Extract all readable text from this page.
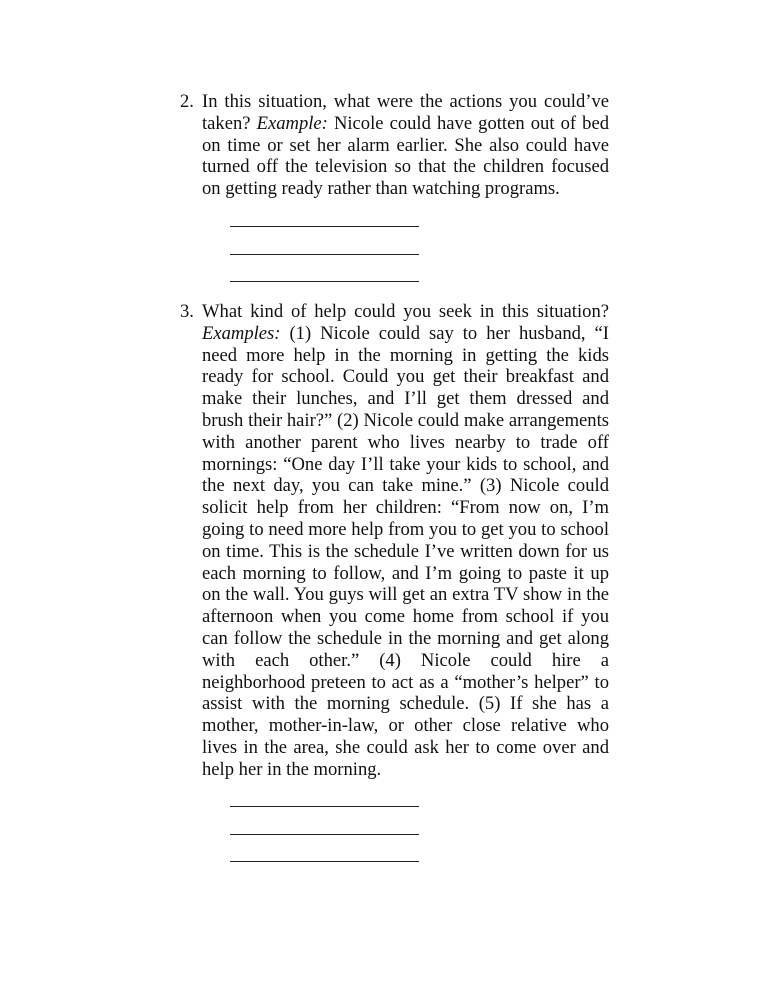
2. In this situation, what were the actions you could’ve taken? Example: Nicole could have gotten out of bed on time or set her alarm earlier. She also could have turned off the television so that the children focused on getting ready rather than watching programs.
3. What kind of help could you seek in this situation? Examples: (1) Nicole could say to her husband, “I need more help in the morning in getting the kids ready for school. Could you get their breakfast and make their lunches, and I’ll get them dressed and brush their hair?” (2) Nicole could make arrangements with another parent who lives nearby to trade off mornings: “One day I’ll take your kids to school, and the next day, you can take mine.” (3) Nicole could solicit help from her children: “From now on, I’m going to need more help from you to get you to school on time. This is the schedule I’ve written down for us each morning to follow, and I’m going to paste it up on the wall. You guys will get an extra TV show in the afternoon when you come home from school if you can follow the schedule in the morning and get along with each other.” (4) Nicole could hire a neighborhood preteen to act as a “mother’s helper” to assist with the morning schedule. (5) If she has a mother, mother-in-law, or other close relative who lives in the area, she could ask her to come over and help her in the morning.
